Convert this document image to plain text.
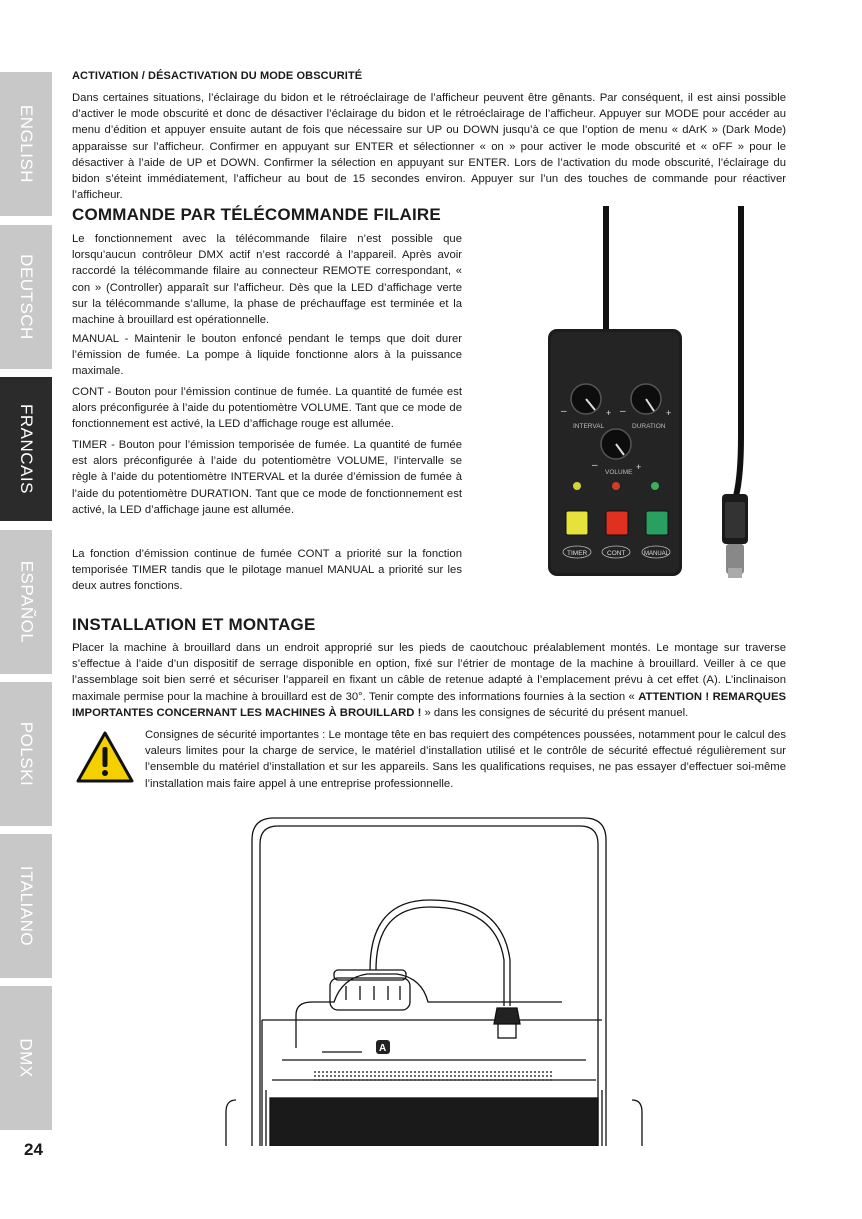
ENGLISH
DEUTSCH
FRANCAIS
ESPAÑOL
POLSKI
ITALIANO
DMX
24
ACTIVATION / DÉSACTIVATION DU MODE OBSCURITÉ
Dans certaines situations, l’éclairage du bidon et le rétroéclairage de l’afficheur peuvent être gênants. Par conséquent, il est ainsi possible d’activer le mode obscurité et donc de désactiver l’éclairage du bidon et le rétroéclairage de l’afficheur. Appuyer sur MODE pour accéder au menu d’édition et appuyer ensuite autant de fois que nécessaire sur UP ou DOWN jusqu’à ce que l’option de menu « dArK » (Dark Mode) apparaisse sur l’afficheur. Confirmer en appuyant sur ENTER et sélectionner « on » pour activer le mode obscurité et « oFF » pour le désactiver à l’aide de UP et DOWN. Confirmer la sélection en appuyant sur ENTER. Lors de l’activation du mode obscurité, l’éclairage du bidon s’éteint immédiatement, l’afficheur au bout de 15 secondes environ. Appuyer sur l’un des touches de commande pour réactiver l’afficheur.
COMMANDE PAR TÉLÉCOMMANDE FILAIRE
Le fonctionnement avec la télécommande filaire n’est possible que lorsqu’aucun contrôleur DMX actif n’est raccordé à l’appareil. Après avoir raccordé la télécommande filaire au connecteur REMOTE correspondant, « con » (Controller) apparaît sur l’afficheur. Dès que la LED d’affichage verte sur la télécommande s’allume, la phase de préchauffage est terminée et la machine à brouillard est opérationnelle.
MANUAL - Maintenir le bouton enfoncé pendant le temps que doit durer l’émission de fumée. La pompe à liquide fonctionne alors à la puissance maximale.
CONT - Bouton pour l’émission continue de fumée. La quantité de fumée est alors préconfigurée à l’aide du potentiomètre VOLUME. Tant que ce mode de fonctionnement est activé, la LED d’affichage rouge est allumée.
TIMER - Bouton pour l’émission temporisée de fumée. La quantité de fumée est alors préconfigurée à l’aide du potentiomètre VOLUME, l’intervalle se règle à l’aide du potentiomètre INTERVAL et la durée d’émission de fumée à l’aide du potentiomètre DURATION. Tant que ce mode de fonctionnement est activé, la LED d’affichage jaune est allumée.
La fonction d’émission continue de fumée CONT a priorité sur la fonction temporisée TIMER tandis que le pilotage manuel MANUAL a priorité sur les deux autres fonctions.
–	+ –	+
–	+
INTERVAL	DURATION
VOLUME
TIMER	CONT	MANUAL
INSTALLATION ET MONTAGE
Placer la machine à brouillard dans un endroit approprié sur les pieds de caoutchouc préalablement montés. Le montage sur traverse s’effectue à l’aide d’un dispositif de serrage disponible en option, fixé sur l’étrier de montage de la machine à brouillard. Veiller à ce que l’assemblage soit bien serré et sécuriser l’appareil en fixant un câble de retenue adapté à l’emplacement prévu à cet effet (A). L’inclinaison maximale permise pour la machine à brouillard est de 30°. Tenir compte des informations fournies à la section « ATTENTION ! REMARQUES IMPORTANTES CONCERNANT LES MACHINES À BROUILLARD ! » dans les consignes de sécurité du présent manuel.
Consignes de sécurité importantes : Le montage tête en bas requiert des compétences poussées, notamment pour le calcul des valeurs limites pour la charge de service, le matériel d’installation utilisé et le contrôle de sécurité effectué régulièrement sur l’ensemble du matériel d’installation et sur les appareils. Sans les qualifications requises, ne pas essayer d’effectuer soi-même l’installation mais faire appel à une entreprise professionnelle.
A
